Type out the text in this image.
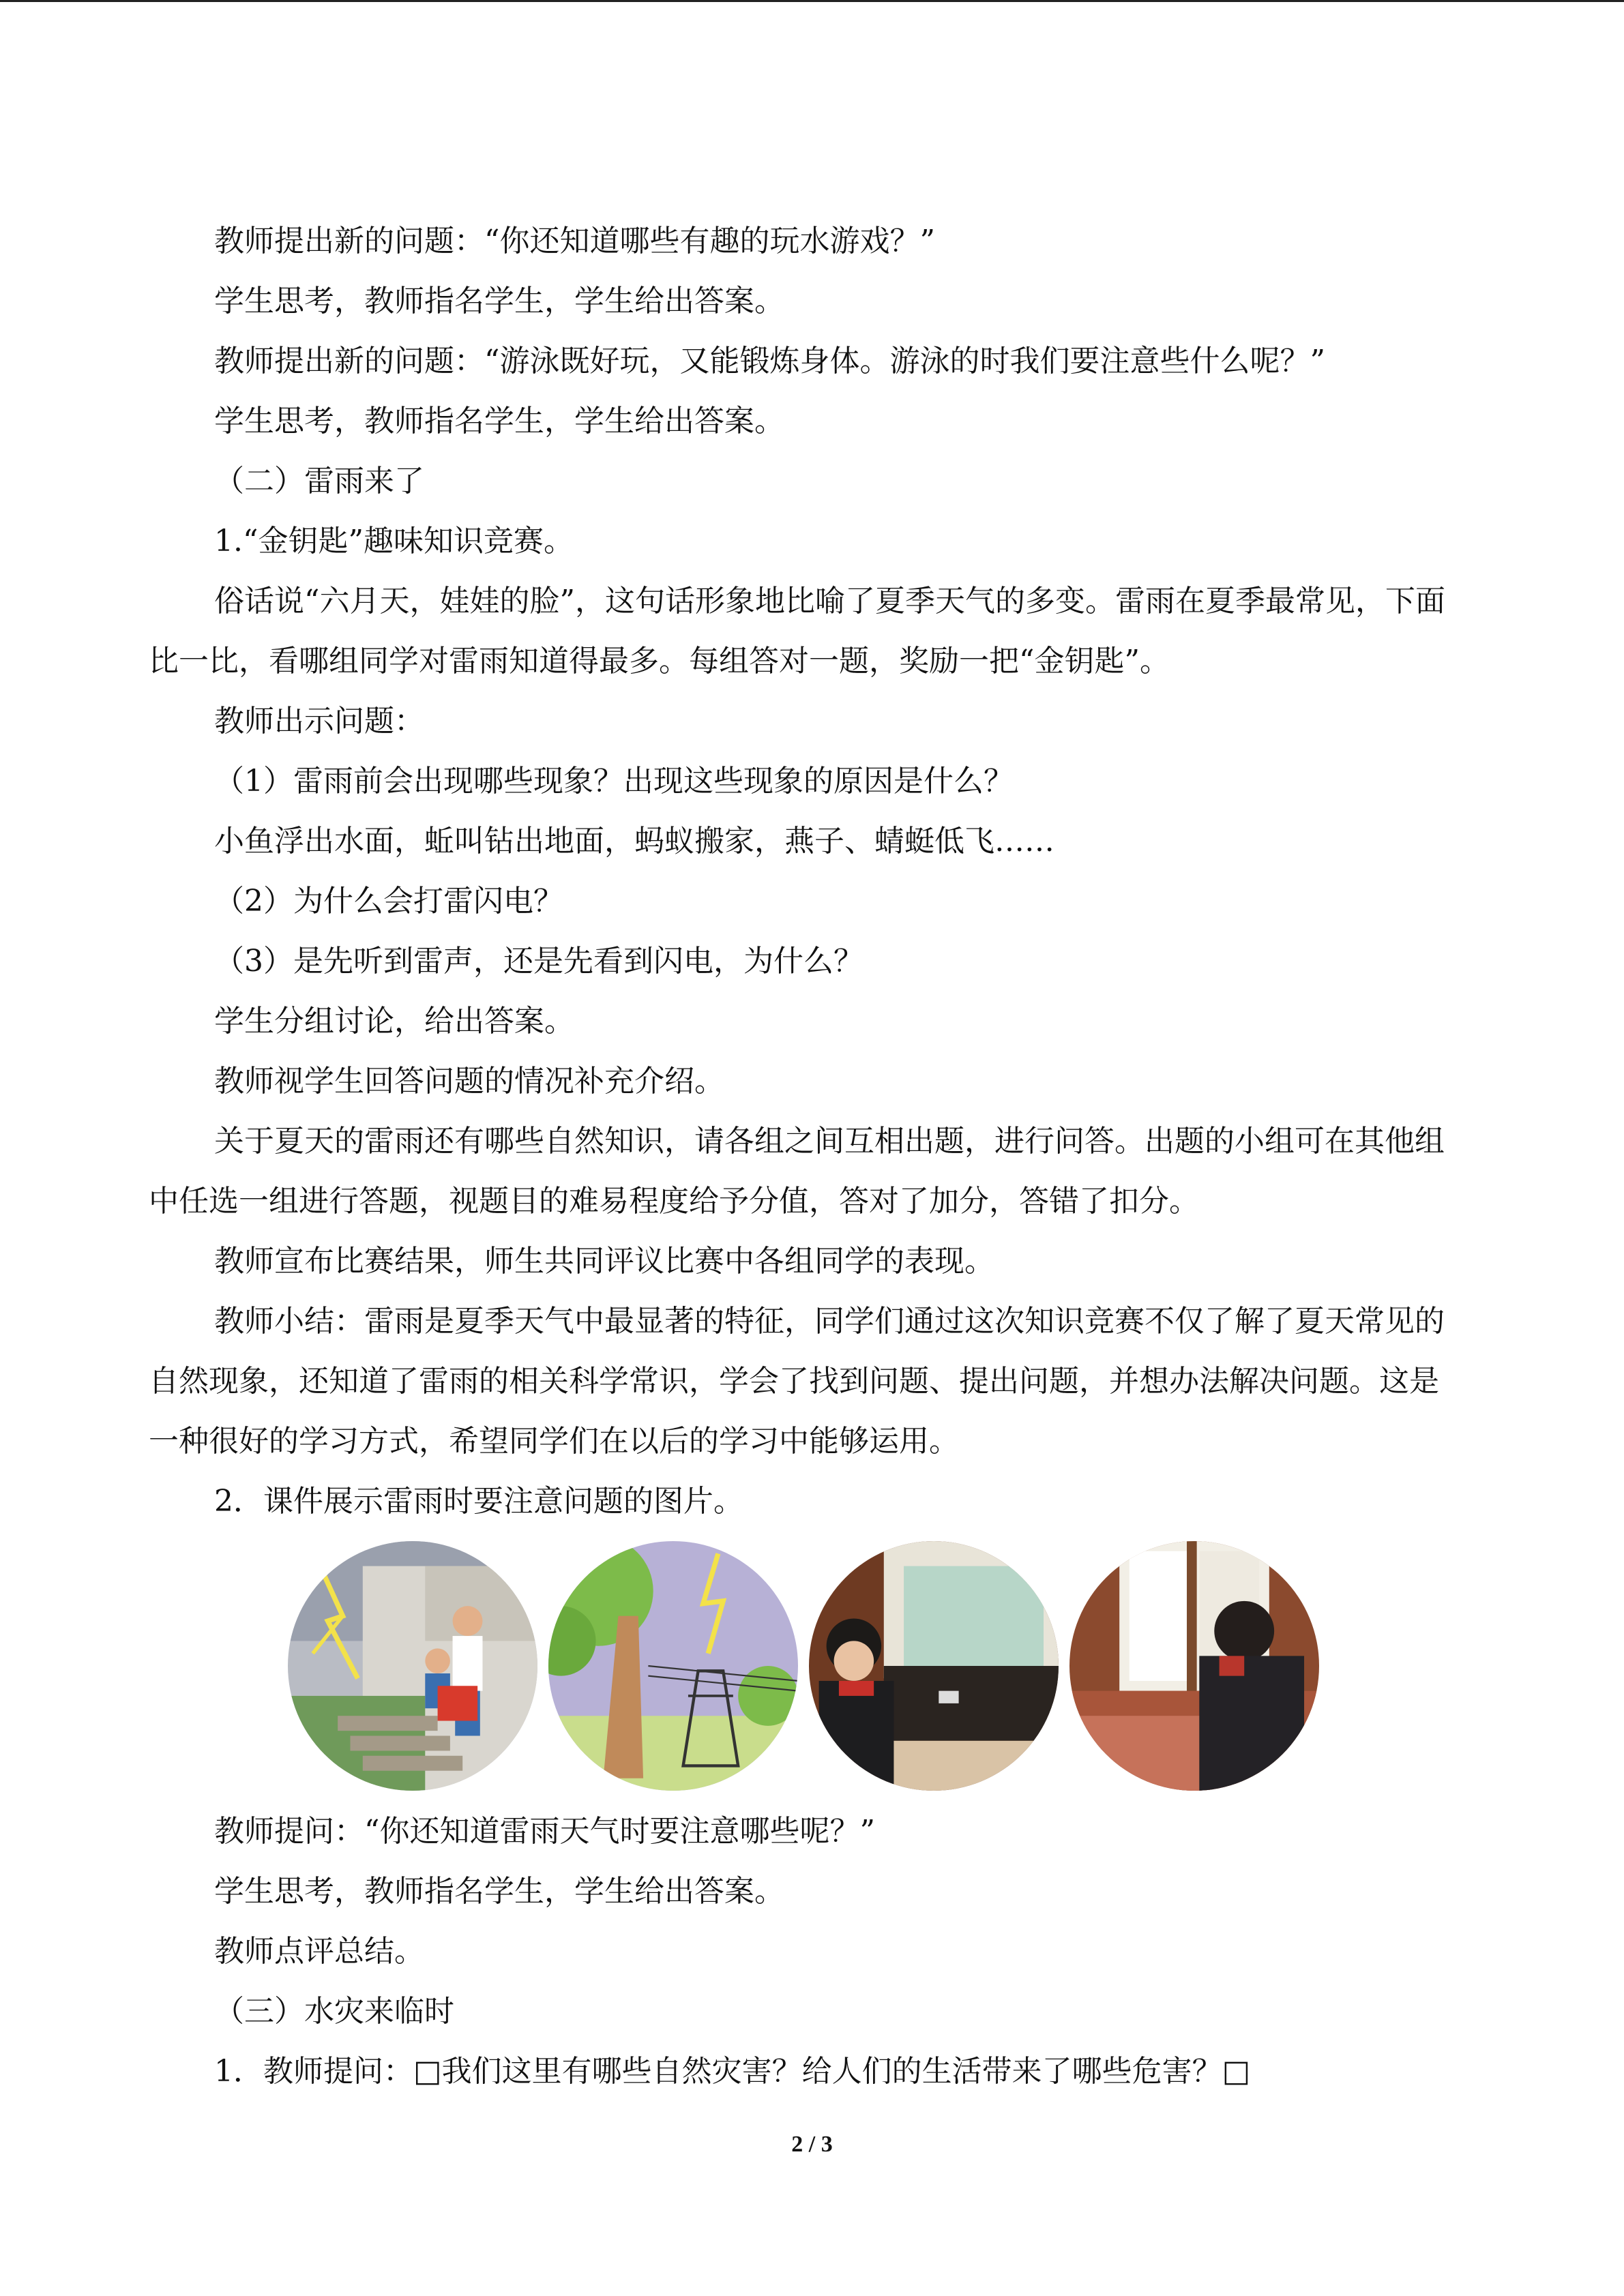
教师提出新的问题：“你还知道哪些有趣的玩水游戏？”

学生思考，教师指名学生，学生给出答案。

教师提出新的问题：“游泳既好玩，又能锻炼身体。游泳的时我们要注意些什么呢？”

学生思考，教师指名学生，学生给出答案。

（二）雷雨来了

1.“金钥匙”趣味知识竞赛。

俗话说“六月天，娃娃的脸”，这句话形象地比喻了夏季天气的多变。雷雨在夏季最常见，下面比一比，看哪组同学对雷雨知道得最多。每组答对一题，奖励一把“金钥匙”。

教师出示问题：

（1）雷雨前会出现哪些现象？出现这些现象的原因是什么？

小鱼浮出水面，蚯叫钻出地面，蚂蚁搬家，燕子、蜻蜓低飞……

（2）为什么会打雷闪电？

（3）是先听到雷声，还是先看到闪电，为什么？

学生分组讨论，给出答案。

教师视学生回答问题的情况补充介绍。

关于夏天的雷雨还有哪些自然知识，请各组之间互相出题，进行问答。出题的小组可在其他组中任选一组进行答题，视题目的难易程度给予分值，答对了加分，答错了扣分。

教师宣布比赛结果，师生共同评议比赛中各组同学的表现。

教师小结：雷雨是夏季天气中最显著的特征，同学们通过这次知识竞赛不仅了解了夏天常见的自然现象，还知道了雷雨的相关科学常识，学会了找到问题、提出问题，并想办法解决问题。这是一种很好的学习方式，希望同学们在以后的学习中能够运用。

2．课件展示雷雨时要注意问题的图片。

教师提问：“你还知道雷雨天气时要注意哪些呢？”

学生思考，教师指名学生，学生给出答案。

教师点评总结。

（三）水灾来临时

1．教师提问：□我们这里有哪些自然灾害？给人们的生活带来了哪些危害？□

2 / 3
